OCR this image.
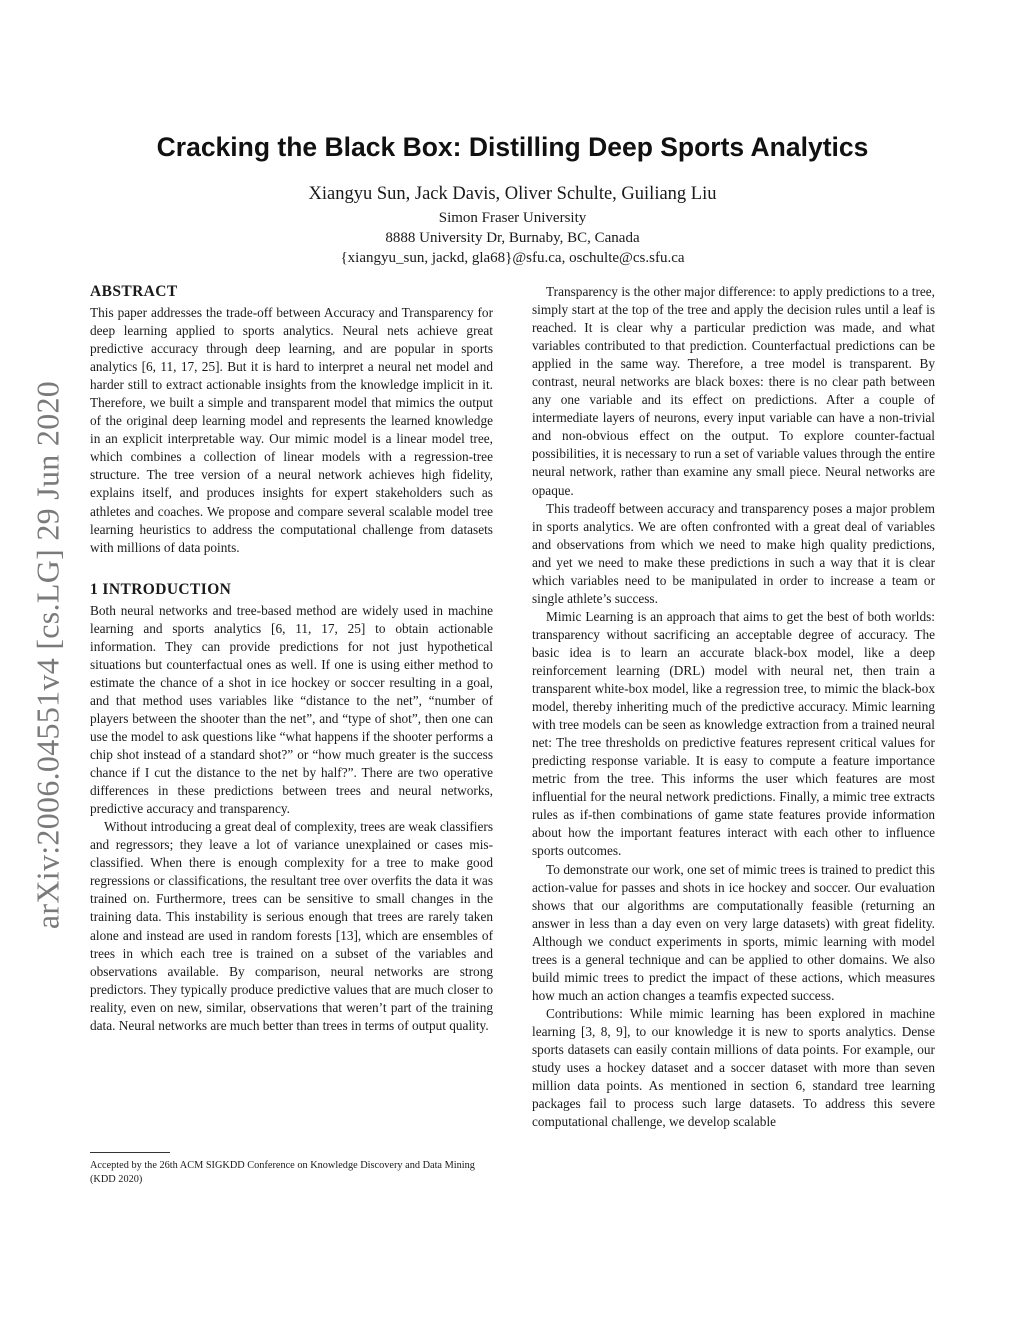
arXiv:2006.04551v4 [cs.LG] 29 Jun 2020
Cracking the Black Box: Distilling Deep Sports Analytics

Xiangyu Sun, Jack Davis, Oliver Schulte, Guiliang Liu

Simon Fraser University

8888 University Dr, Burnaby, BC, Canada

{xiangyu_sun, jackd, gla68}@sfu.ca, oschulte@cs.sfu.ca

ABSTRACT

This paper addresses the trade-off between Accuracy and Transparency for deep learning applied to sports analytics. Neural nets achieve great predictive accuracy through deep learning, and are popular in sports analytics [6, 11, 17, 25]. But it is hard to interpret a neural net model and harder still to extract actionable insights from the knowledge implicit in it. Therefore, we built a simple and transparent model that mimics the output of the original deep learning model and represents the learned knowledge in an explicit interpretable way. Our mimic model is a linear model tree, which combines a collection of linear models with a regression-tree structure. The tree version of a neural network achieves high fidelity, explains itself, and produces insights for expert stakeholders such as athletes and coaches. We propose and compare several scalable model tree learning heuristics to address the computational challenge from datasets with millions of data points.

1 INTRODUCTION

Both neural networks and tree-based method are widely used in machine learning and sports analytics [6, 11, 17, 25] to obtain actionable information. They can provide predictions for not just hypothetical situations but counterfactual ones as well. If one is using either method to estimate the chance of a shot in ice hockey or soccer resulting in a goal, and that method uses variables like “distance to the net”, “number of players between the shooter than the net”, and “type of shot”, then one can use the model to ask questions like “what happens if the shooter performs a chip shot instead of a standard shot?” or “how much greater is the success chance if I cut the distance to the net by half?”. There are two operative differences in these predictions between trees and neural networks, predictive accuracy and transparency.

Without introducing a great deal of complexity, trees are weak classifiers and regressors; they leave a lot of variance unexplained or cases mis-classified. When there is enough complexity for a tree to make good regressions or classifications, the resultant tree over overfits the data it was trained on. Furthermore, trees can be sensitive to small changes in the training data. This instability is serious enough that trees are rarely taken alone and instead are used in random forests [13], which are ensembles of trees in which each tree is trained on a subset of the variables and observations available. By comparison, neural networks are strong predictors. They typically produce predictive values that are much closer to reality, even on new, similar, observations that weren’t part of the training data. Neural networks are much better than trees in terms of output quality.

Accepted by the 26th ACM SIGKDD Conference on Knowledge Discovery and Data Mining (KDD 2020)

Transparency is the other major difference: to apply predictions to a tree, simply start at the top of the tree and apply the decision rules until a leaf is reached. It is clear why a particular prediction was made, and what variables contributed to that prediction. Counterfactual predictions can be applied in the same way. Therefore, a tree model is transparent. By contrast, neural networks are black boxes: there is no clear path between any one variable and its effect on predictions. After a couple of intermediate layers of neurons, every input variable can have a non-trivial and non-obvious effect on the output. To explore counter-factual possibilities, it is necessary to run a set of variable values through the entire neural network, rather than examine any small piece. Neural networks are opaque.

This tradeoff between accuracy and transparency poses a major problem in sports analytics. We are often confronted with a great deal of variables and observations from which we need to make high quality predictions, and yet we need to make these predictions in such a way that it is clear which variables need to be manipulated in order to increase a team or single athlete’s success.

Mimic Learning is an approach that aims to get the best of both worlds: transparency without sacrificing an acceptable degree of accuracy. The basic idea is to learn an accurate black-box model, like a deep reinforcement learning (DRL) model with neural net, then train a transparent white-box model, like a regression tree, to mimic the black-box model, thereby inheriting much of the predictive accuracy. Mimic learning with tree models can be seen as knowledge extraction from a trained neural net: The tree thresholds on predictive features represent critical values for predicting response variable. It is easy to compute a feature importance metric from the tree. This informs the user which features are most influential for the neural network predictions. Finally, a mimic tree extracts rules as if-then combinations of game state features provide information about how the important features interact with each other to influence sports outcomes.

To demonstrate our work, one set of mimic trees is trained to predict this action-value for passes and shots in ice hockey and soccer. Our evaluation shows that our algorithms are computationally feasible (returning an answer in less than a day even on very large datasets) with great fidelity. Although we conduct experiments in sports, mimic learning with model trees is a general technique and can be applied to other domains. We also build mimic trees to predict the impact of these actions, which measures how much an action changes a teamfis expected success.

Contributions: While mimic learning has been explored in machine learning [3, 8, 9], to our knowledge it is new to sports analytics. Dense sports datasets can easily contain millions of data points. For example, our study uses a hockey dataset and a soccer dataset with more than seven million data points. As mentioned in section 6, standard tree learning packages fail to process such large datasets. To address this severe computational challenge, we develop scalable
